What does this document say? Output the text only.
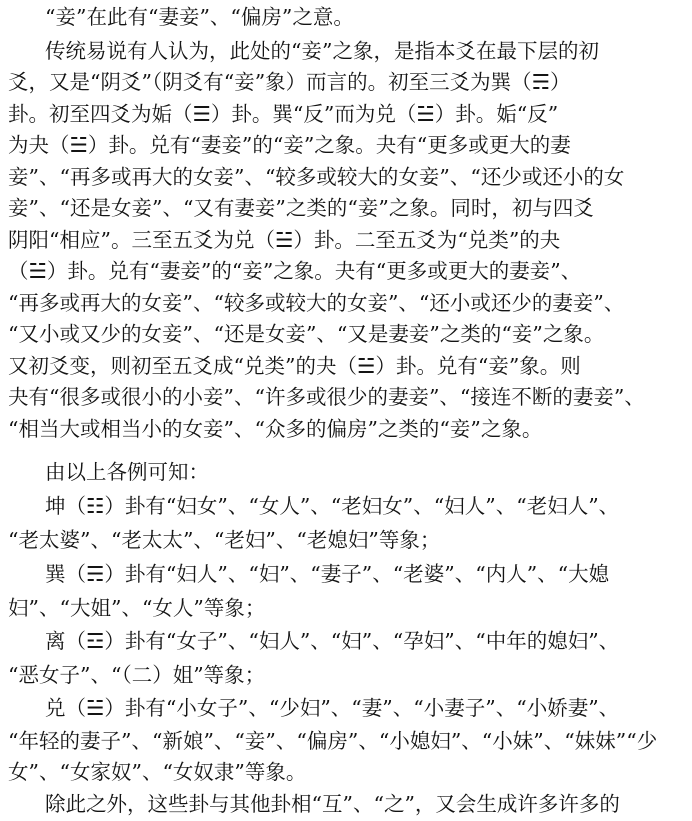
“妾”在此有“妻妾”、“偏房”之意。
传统易说有人认为，此处的“妾”之象，是指本爻在最下层的初
爻，又是“阴爻”（阴爻有“妾”象）而言的。初至三爻为巽（☴）
卦。初至四爻为姤（☰）卦。巽“反”而为兑（☱）卦。姤“反”
为夬（☱）卦。兑有“妻妾”的“妾”之象。夬有“更多或更大的妻
妾”、“再多或再大的女妾”、“较多或较大的女妾”、“还少或还小的女
妾”、“还是女妾”、“又有妻妾”之类的“妾”之象。同时，初与四爻
阴阳“相应”。三至五爻为兑（☱）卦。二至五爻为“兑类”的夬
（☱）卦。兑有“妻妾”的“妾”之象。夬有“更多或更大的妻妾”、
“再多或再大的女妾”、“较多或较大的女妾”、“还小或还少的妻妾”、
“又小或又少的女妾”、“还是女妾”、“又是妻妾”之类的“妾”之象。
又初爻变，则初至五爻成“兑类”的夬（☱）卦。兑有“妾”象。则
夬有“很多或很小的小妾”、“许多或很少的妻妾”、“接连不断的妻妾”、
“相当大或相当小的女妾”、“众多的偏房”之类的“妾”之象。
由以上各例可知：
坤（☷）卦有“妇女”、“女人”、“老妇女”、“妇人”、“老妇人”、
“老太婆”、“老太太”、“老妇”、“老媳妇”等象；
巽（☴）卦有“妇人”、“妇”、“妻子”、“老婆”、“内人”、“大媳
妇”、“大姐”、“女人”等象；
离（☲）卦有“女子”、“妇人”、“妇”、“孕妇”、“中年的媳妇”、
“恶女子”、“（二）姐”等象；
兑（☱）卦有“小女子”、“少妇”、“妻”、“小妻子”、“小娇妻”、
“年轻的妻子”、“新娘”、“妾”、“偏房”、“小媳妇”、“小妹”、“妹妹”“少
女”、“女家奴”、“女奴隶”等象。
除此之外，这些卦与其他卦相“互”、“之”，又会生成许多许多的
